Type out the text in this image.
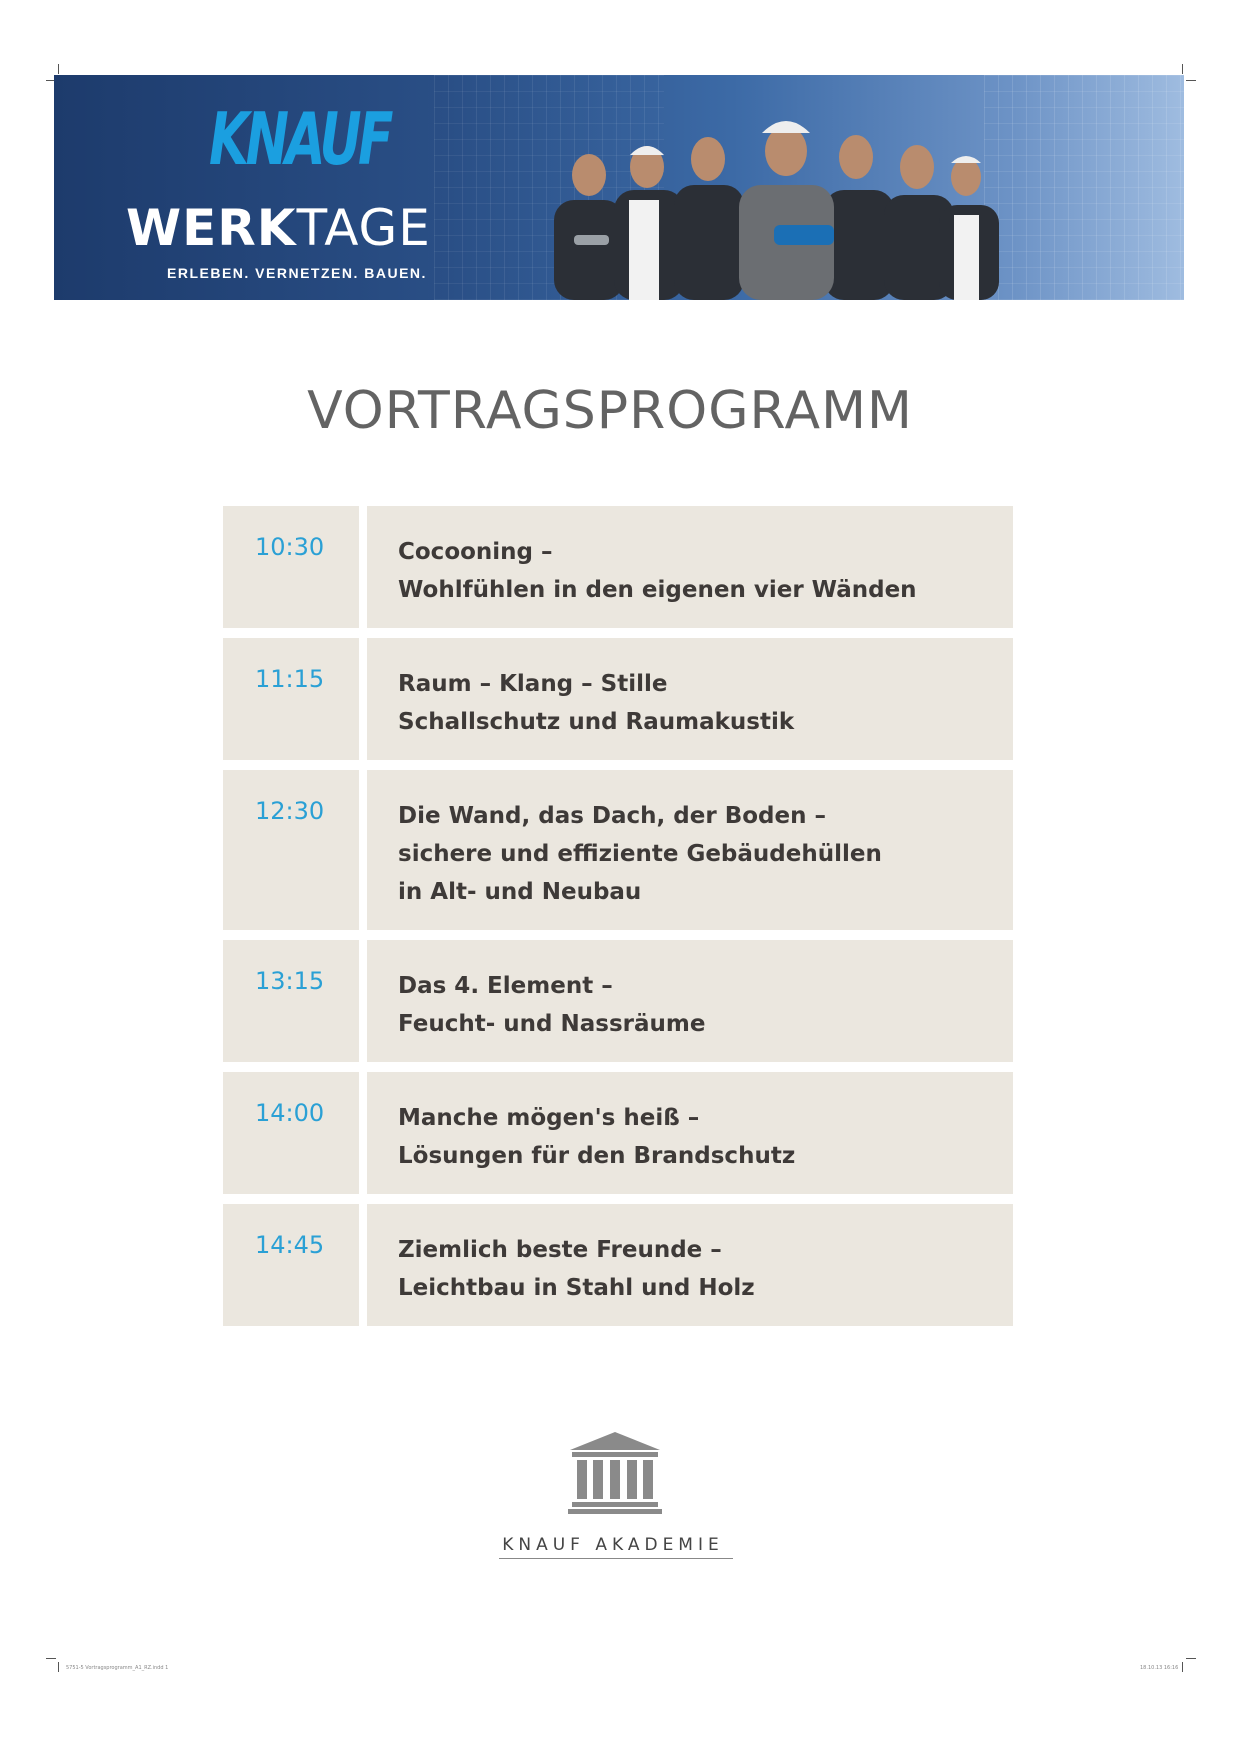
KNAUF
WERKTAGE
ERLEBEN. VERNETZEN. BAUEN.
VORTRAGSPROGRAMM
10:30	Cocooning –
Wohlfühlen in den eigenen vier Wänden
11:15	Raum – Klang – Stille
Schallschutz und Raumakustik
12:30	Die Wand, das Dach, der Boden –
sichere und effiziente Gebäudehüllen
in Alt- und Neubau
13:15	Das 4. Element –
Feucht- und Nassräume
14:00	Manche mögen's heiß –
Lösungen für den Brandschutz
14:45	Ziemlich beste Freunde –
Leichtbau in Stahl und Holz
KNAUF AKADEMIE
5751-5 Vortragsprogramm_A1_RZ.indd 1	18.10.13 16:16
